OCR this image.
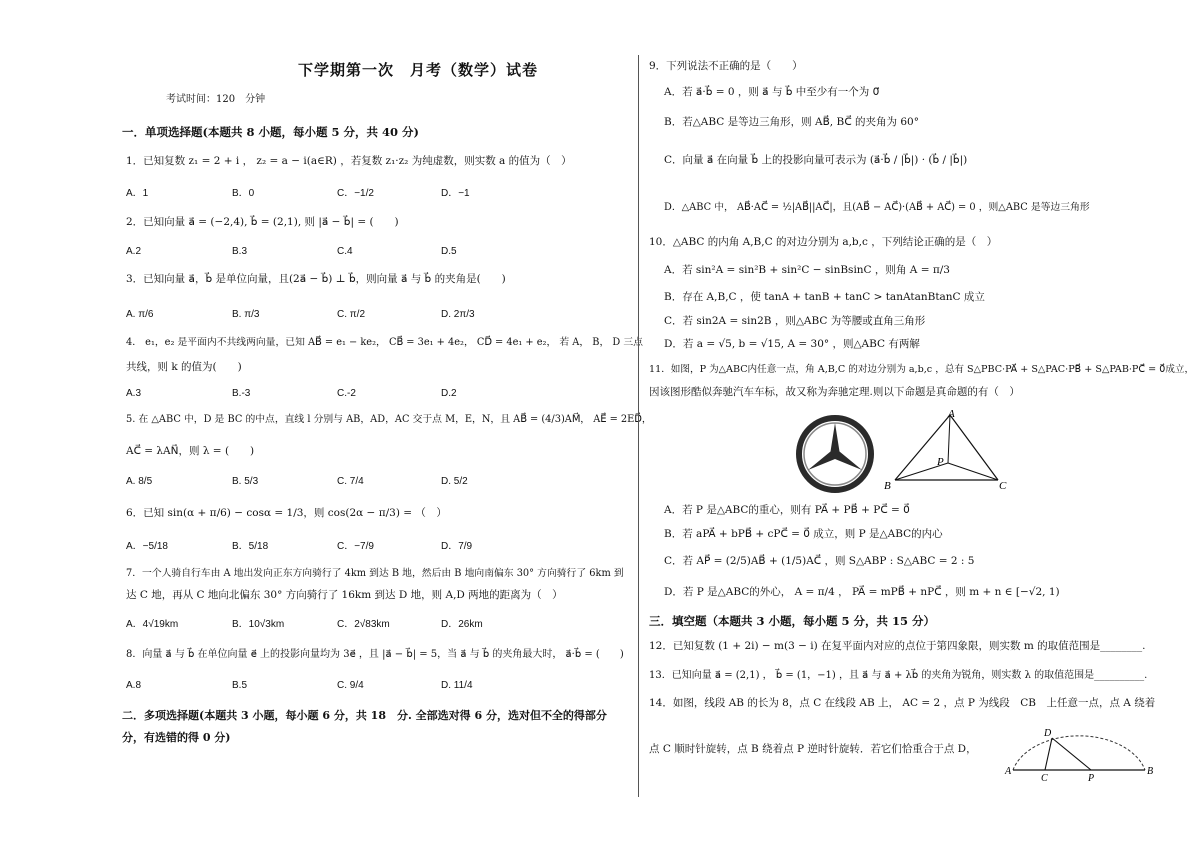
下学期第一次　月考（数学）试卷
考试时间：120　分钟
一．单项选择题(本题共 8 小题，每小题 5 分，共 40 分)
1．已知复数 z₁ = 2 + i ， z₂ = a − i(a∈R) ，若复数 z₁·z₂ 为纯虚数，则实数 a 的值为（　）
A．1	B．0	C．−1/2	D．−1
2．已知向量 a⃗ = (−2,4), b⃗ = (2,1), 则 |a⃗ − b⃗| = (　　)
A.2	B.3	C.4	D.5
3．已知向量 a⃗，b⃗ 是单位向量，且(2a⃗ − b⃗) ⊥ b⃗，则向量 a⃗ 与 b⃗ 的夹角是(　　)
A. π/6	B. π/3	C. π/2	D. 2π/3
4． e₁，e₂ 是平面内不共线两向量，已知 AB⃗ = e₁ − ke₂， CB⃗ = 3e₁ + 4e₂， CD⃗ = 4e₁ + e₂， 若 A， B， D 三点
共线，则 k 的值为(　　)
A.3	B.-3	C.-2	D.2
5. 在 △ABC 中，D 是 BC 的中点，直线 l 分别与 AB，AD，AC 交于点 M，E，N，且 AB⃗ = (4/3)AM⃗， AE⃗ = 2ED⃗，
AC⃗ = λAN⃗，则 λ = (　　)
A. 8/5	B. 5/3	C. 7/4	D. 5/2
6．已知 sin(α + π/6) − cosα = 1/3，则 cos(2α − π/3) = （　）
A．−5/18	B．5/18	C．−7/9	D．7/9
7．一个人骑自行车由 A 地出发向正东方向骑行了 4km 到达 B 地，然后由 B 地向南偏东 30° 方向骑行了 6km 到
达 C 地，再从 C 地向北偏东 30° 方向骑行了 16km 到达 D 地，则 A,D 两地的距离为（　）
A．4√19km	B．10√3km	C．2√83km	D．26km
8．向量 a⃗ 与 b⃗ 在单位向量 e⃗ 上的投影向量均为 3e⃗ ，且 |a⃗ − b⃗| = 5，当 a⃗ 与 b⃗ 的夹角最大时， a⃗·b⃗ = (　　)
A.8	B.5	C. 9/4	D. 11/4
二．多项选择题(本题共 3 小题，每小题 6 分，共 18　分. 全部选对得 6 分，选对但不全的得部分
分，有选错的得 0 分)
9．下列说法不正确的是（　　）
A．若 a⃗·b⃗ = 0 ，则 a⃗ 与 b⃗ 中至少有一个为 0⃗
B．若△ABC 是等边三角形，则 AB⃗, BC⃗ 的夹角为 60°
C．向量 a⃗ 在向量 b⃗ 上的投影向量可表示为 (a⃗·b⃗ / |b⃗|) · (b⃗ / |b⃗|)
D．△ABC 中， AB⃗·AC⃗ = ½|AB⃗||AC⃗|，且(AB⃗ − AC⃗)·(AB⃗ + AC⃗) = 0 ，则△ABC 是等边三角形
10．△ABC 的内角 A,B,C 的对边分别为 a,b,c ，下列结论正确的是（　）
A．若 sin²A = sin²B + sin²C − sinBsinC ，则角 A = π/3
B．存在 A,B,C ，使 tanA + tanB + tanC > tanAtanBtanC 成立
C．若 sin2A = sin2B ，则△ABC 为等腰或直角三角形
D．若 a = √5, b = √15, A = 30° ，则△ABC 有两解
11．如图，P 为△ABC内任意一点，角 A,B,C 的对边分别为 a,b,c ，总有 S△PBC·PA⃗ + S△PAC·PB⃗ + S△PAB·PC⃗ = 0⃗成立，
因该图形酷似奔驰汽车车标，故又称为奔驰定理.则以下命题是真命题的有（　）
A
B	C
P
A．若 P 是△ABC的重心，则有 PA⃗ + PB⃗ + PC⃗ = 0⃗
B．若 aPA⃗ + bPB⃗ + cPC⃗ = 0⃗ 成立，则 P 是△ABC的内心
C．若 AP⃗ = (2/5)AB⃗ + (1/5)AC⃗ ，则 S△ABP : S△ABC = 2 : 5
D．若 P 是△ABC的外心， A = π/4 ， PA⃗ = mPB⃗ + nPC⃗ ，则 m + n ∈ [−√2, 1)
三．填空题（本题共 3 小题，每小题 5 分，共 15 分）
12．已知复数 (1 + 2i) − m(3 − i) 在复平面内对应的点位于第四象限，则实数 m 的取值范围是________.
13．已知向量 a⃗ = (2,1) ， b⃗ = (1，−1) ，且 a⃗ 与 a⃗ + λb⃗ 的夹角为锐角，则实数 λ 的取值范围是__________.
14．如图，线段 AB 的长为 8，点 C 在线段 AB 上， AC = 2 ，点 P 为线段　CB　上任意一点，点 A 绕着
点 C 顺时针旋转，点 B 绕着点 P 逆时针旋转．若它们恰重合于点 D，
A	B
C
D
P
